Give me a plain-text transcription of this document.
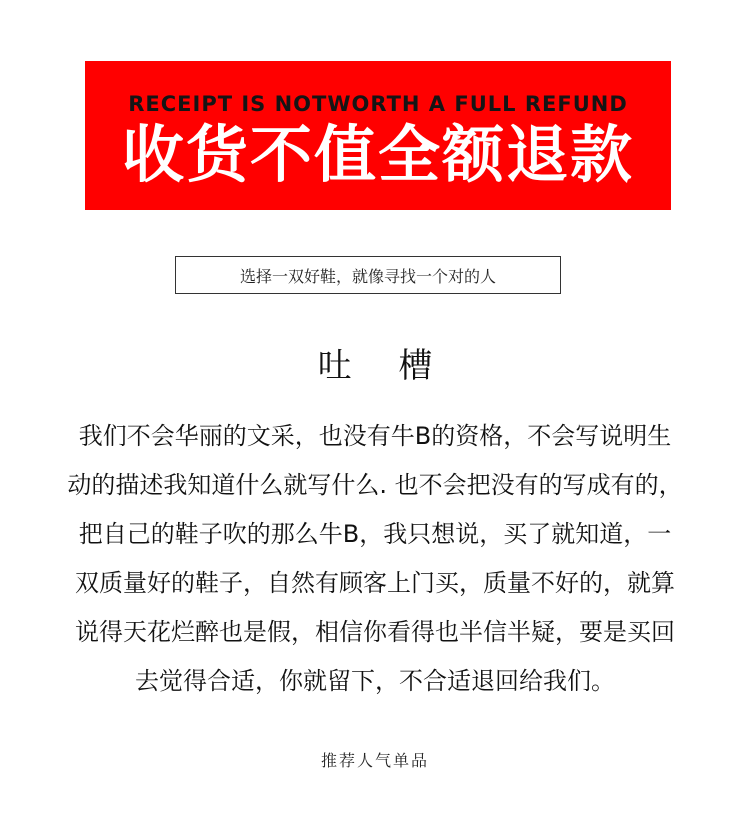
RECEIPT IS NOTWORTH A FULL REFUND
收货不值全额退款
选择一双好鞋，就像寻找一个对的人
吐 槽
我们不会华丽的文采，也没有牛B的资格，不会写说明生
动的描述我知道什么就写什么. 也不会把没有的写成有的，
把自己的鞋子吹的那么牛B，我只想说，买了就知道，一
双质量好的鞋子，自然有顾客上门买，质量不好的，就算
说得天花烂醉也是假，相信你看得也半信半疑，要是买回
去觉得合适，你就留下，不合适退回给我们。
推荐人气单品
